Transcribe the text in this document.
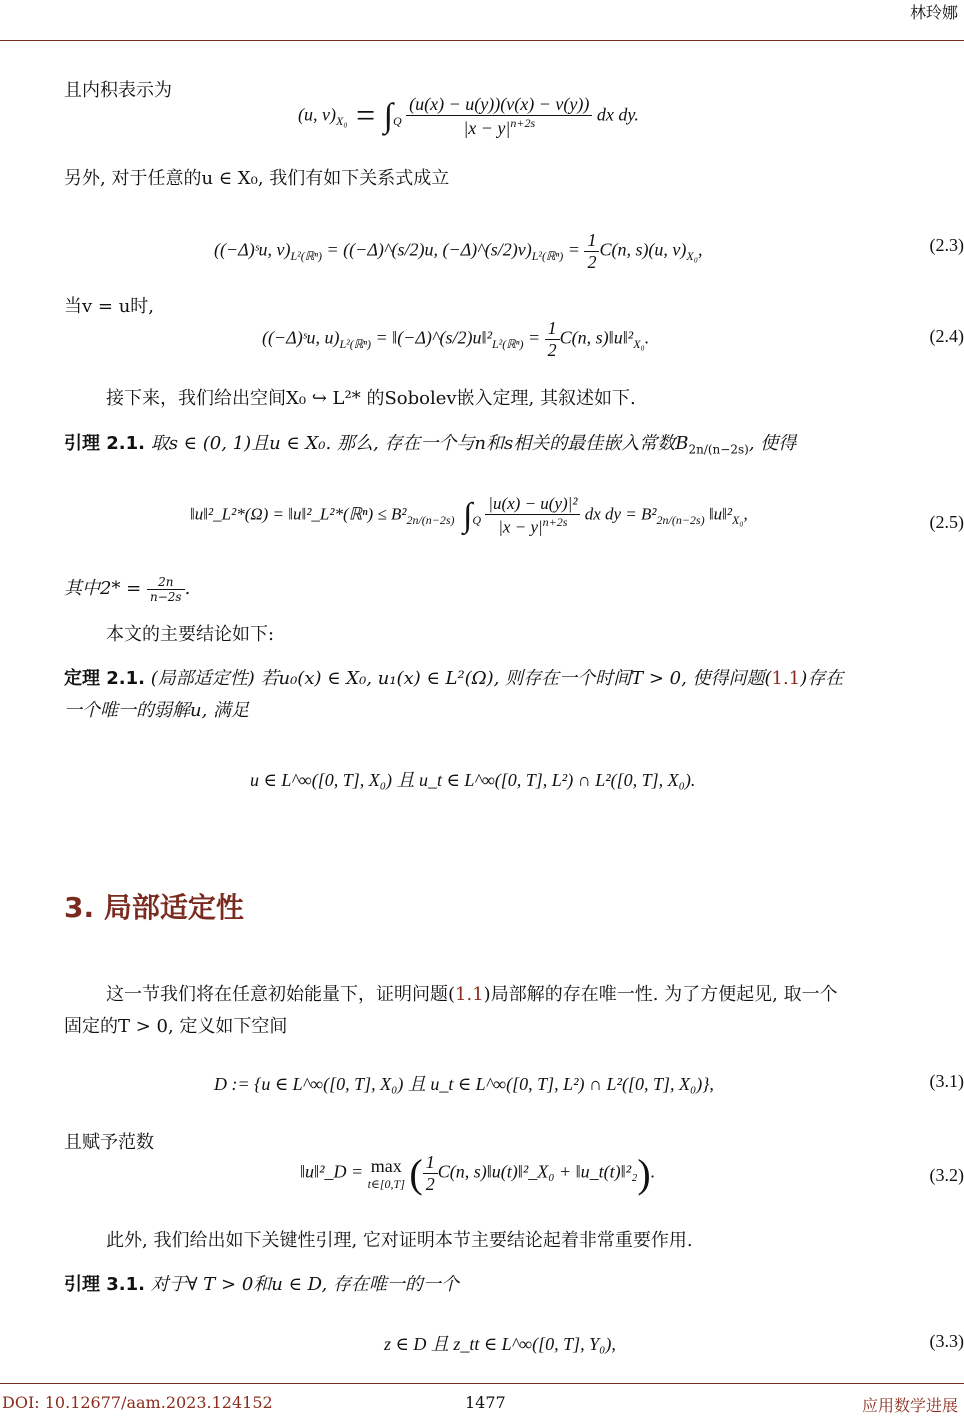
林玲娜
且内积表示为
(u, $v)_{X_0} = \int_Q \frac{(u(x) - u(y))(v(x) - v(y))}{|x - y|^{n+2s}}$ dx dy.
另外, 对于任意的u ∈ X₀, 我们有如下关系式成立
((−Δ)ˢu, $v)_{L^2(ℝ^n)}$ = ((−Δ)^(s/2)u, $(-\Delta)\^{}(s/2)v)_{L^2(ℝ^n)} = \frac{1}{2} C(n$, s)(u, $v)_{X_0}$,	(2.3)
当v = u时,
((−Δ)ˢu, $u)_{L^2(ℝ^n)}$ = $‖(-\Delta)\^{}(s/2)u‖^2_{L^2(ℝ^n)} = \frac{1}{2} C(n$, $s)‖u‖^2_{X_0}$.	(2.4)
接下来，我们给出空间X₀ ↪ L²* 的Sobolev嵌入定理, 其叙述如下.
引理 2.1. 取s ∈ (0, 1)且u ∈ X₀. 那么, 存在一个与n和s相关的最佳嵌入常数$B_{2n/(n-2s)}$, 使得
‖u‖²_L²*(Ω) = ‖u‖²_L²*(ℝⁿ) ≤ $B^2_{2n/(n-2s)}$ $\int_Q \frac{\text{|u(x) − u(y)|²}}{|x - y|^{n+2s}}$ dx dy = $B^2_{2n/(n-2s)}$ $‖u‖^2_{X_0}$,	(2.5)
其中$2* = \frac{2n}{n-2s}$ .
本文的主要结论如下:
定理 2.1. (局部适定性) 若u₀(x) ∈ X₀, u₁(x) ∈ L²(Ω), 则存在一个时间T > 0, 使得问题(1.1)存在
一个唯一的弱解u, 满足
u ∈ L^∞([0, T], X₀) 且 u_t ∈ L^∞([0, T], L²) ∩ L²([0, T], X₀).
3. 局部适定性
这一节我们将在任意初始能量下，证明问题(1.1)局部解的存在唯一性. 为了方便起见, 取一个
固定的T > 0, 定义如下空间
D := {u ∈ L^∞([0, T], X₀) 且 u_t ∈ L^∞([0, T], L²) ∩ L²([0, T], X₀)},	(3.1)
且赋予范数
‖u‖²_D = max
t∈[0,T] ( $\frac{1}{2} C(n$, s)‖u(t)‖²_X₀ + ‖u_t(t)‖²₂).	(3.2)
此外, 我们给出如下关键性引理, 它对证明本节主要结论起着非常重要作用.
引理 3.1. 对于∀ T > 0和u ∈ D, 存在唯一的一个
z ∈ D 且 z_tt ∈ L^∞([0, T], Y₀),	(3.3)
DOI: 10.12677/aam.2023.124152	1477	应用数学进展
